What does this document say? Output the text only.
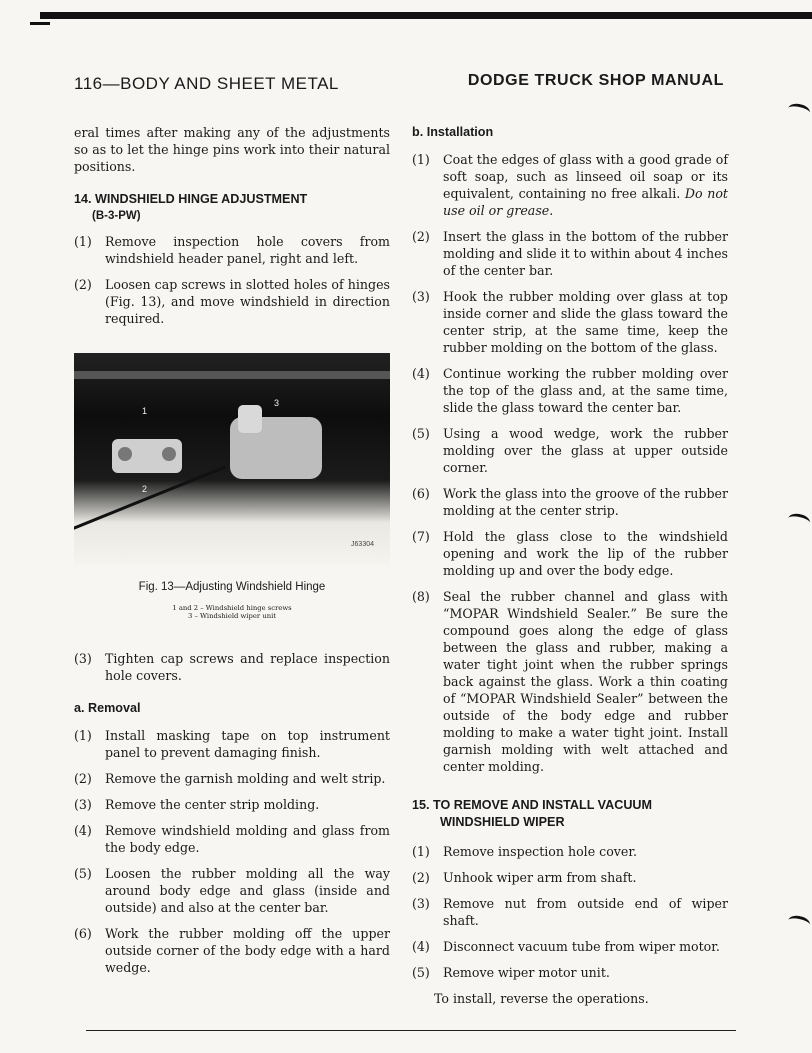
116—BODY AND SHEET METAL	DODGE TRUCK SHOP MANUAL

eral times after making any of the adjustments so as to let the hinge pins work into their natural positions.

14. WINDSHIELD HINGE ADJUSTMENT
(B-3-PW)
(1)	Remove inspection hole covers from windshield header panel, right and left.
(2)	Loosen cap screws in slotted holes of hinges (Fig. 13), and move windshield in direction required.
1
2
3
J63304
Fig. 13—Adjusting Windshield Hinge
1 and 2 – Windshield hinge screws
3 – Windshield wiper unit
(3)	Tighten cap screws and replace inspection hole covers.
a. Removal
(1)	Install masking tape on top instrument panel to prevent damaging finish.
(2)	Remove the garnish molding and welt strip.
(3)	Remove the center strip molding.
(4)	Remove windshield molding and glass from the body edge.
(5)	Loosen the rubber molding all the way around body edge and glass (inside and outside) and also at the center bar.
(6)	Work the rubber molding off the upper outside corner of the body edge with a hard wedge.
b. Installation
(1)	Coat the edges of glass with a good grade of soft soap, such as linseed oil soap or its equivalent, containing no free alkali. Do not use oil or grease.
(2)	Insert the glass in the bottom of the rubber molding and slide it to within about 4 inches of the center bar.
(3)	Hook the rubber molding over glass at top inside corner and slide the glass toward the center strip, at the same time, keep the rubber molding on the bottom of the glass.
(4)	Continue working the rubber molding over the top of the glass and, at the same time, slide the glass toward the center bar.
(5)	Using a wood wedge, work the rubber molding over the glass at upper outside corner.
(6)	Work the glass into the groove of the rubber molding at the center strip.
(7)	Hold the glass close to the windshield opening and work the lip of the rubber molding up and over the body edge.
(8)	Seal the rubber channel and glass with “MOPAR Windshield Sealer.” Be sure the compound goes along the edge of glass between the glass and rubber, making a water tight joint when the rubber springs back against the glass. Work a thin coating of “MOPAR Windshield Sealer” between the outside of the body edge and rubber molding to make a water tight joint. Install garnish molding with welt attached and center molding.
15. TO REMOVE AND INSTALL VACUUM
WINDSHIELD WIPER
(1)	Remove inspection hole cover.
(2)	Unhook wiper arm from shaft.
(3)	Remove nut from outside end of wiper shaft.
(4)	Disconnect vacuum tube from wiper motor.
(5)	Remove wiper motor unit.

To install, reverse the operations.
